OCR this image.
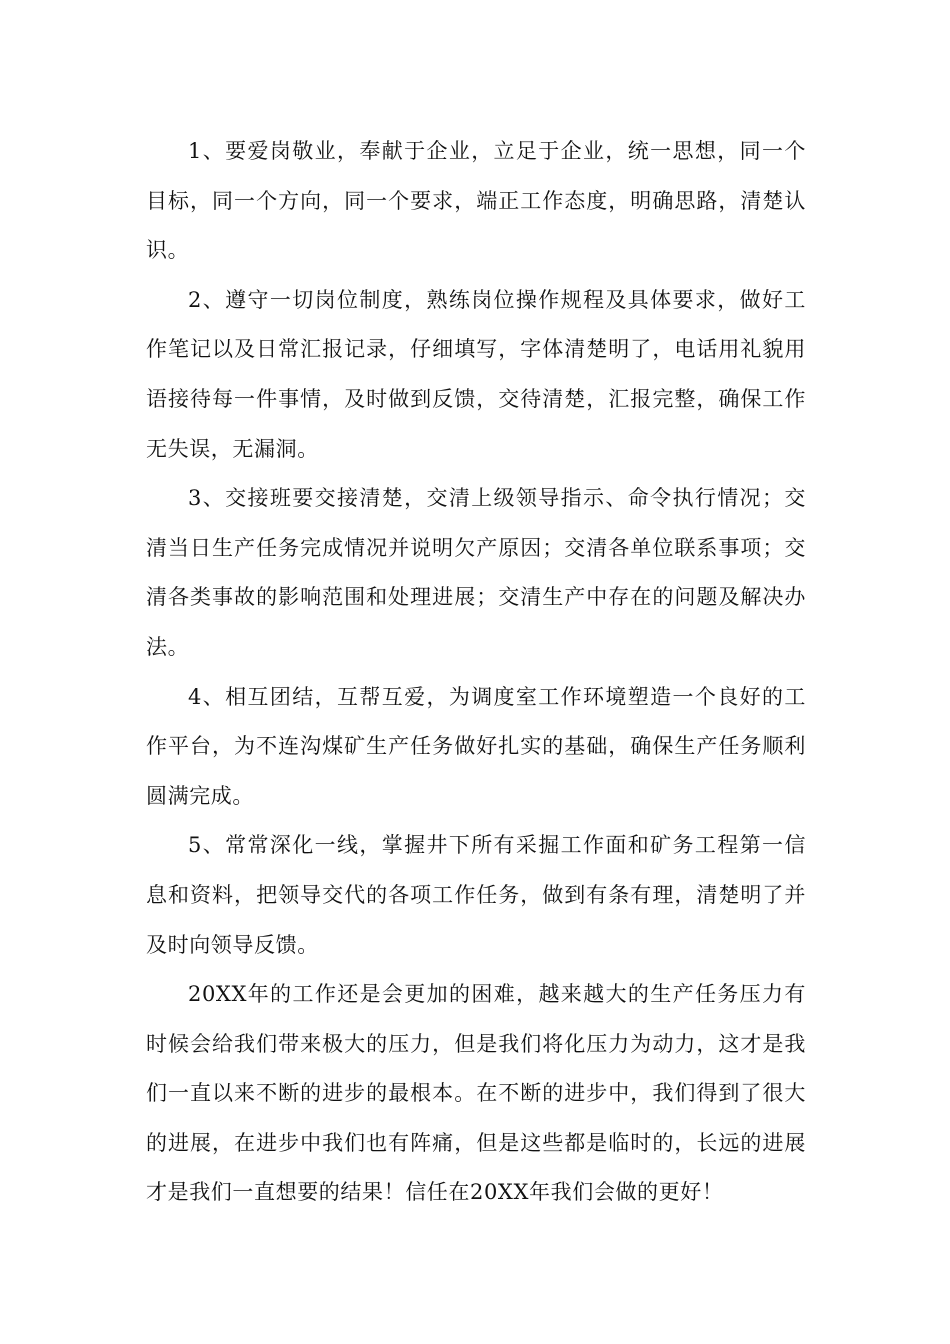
1、要爱岗敬业，奉献于企业，立足于企业，统一思想，同一个目标，同一个方向，同一个要求，端正工作态度，明确思路，清楚认识。

2、遵守一切岗位制度，熟练岗位操作规程及具体要求，做好工作笔记以及日常汇报记录，仔细填写，字体清楚明了，电话用礼貌用语接待每一件事情，及时做到反馈，交待清楚，汇报完整，确保工作无失误，无漏洞。

3、交接班要交接清楚，交清上级领导指示、命令执行情况；交清当日生产任务完成情况并说明欠产原因；交清各单位联系事项；交清各类事故的影响范围和处理进展；交清生产中存在的问题及解决办法。

4、相互团结，互帮互爱，为调度室工作环境塑造一个良好的工作平台，为不连沟煤矿生产任务做好扎实的基础，确保生产任务顺利圆满完成。

5、常常深化一线，掌握井下所有采掘工作面和矿务工程第一信息和资料，把领导交代的各项工作任务，做到有条有理，清楚明了并及时向领导反馈。

20XX年的工作还是会更加的困难，越来越大的生产任务压力有时候会给我们带来极大的压力，但是我们将化压力为动力，这才是我们一直以来不断的进步的最根本。在不断的进步中，我们得到了很大的进展，在进步中我们也有阵痛，但是这些都是临时的，长远的进展才是我们一直想要的结果！信任在20XX年我们会做的更好！
